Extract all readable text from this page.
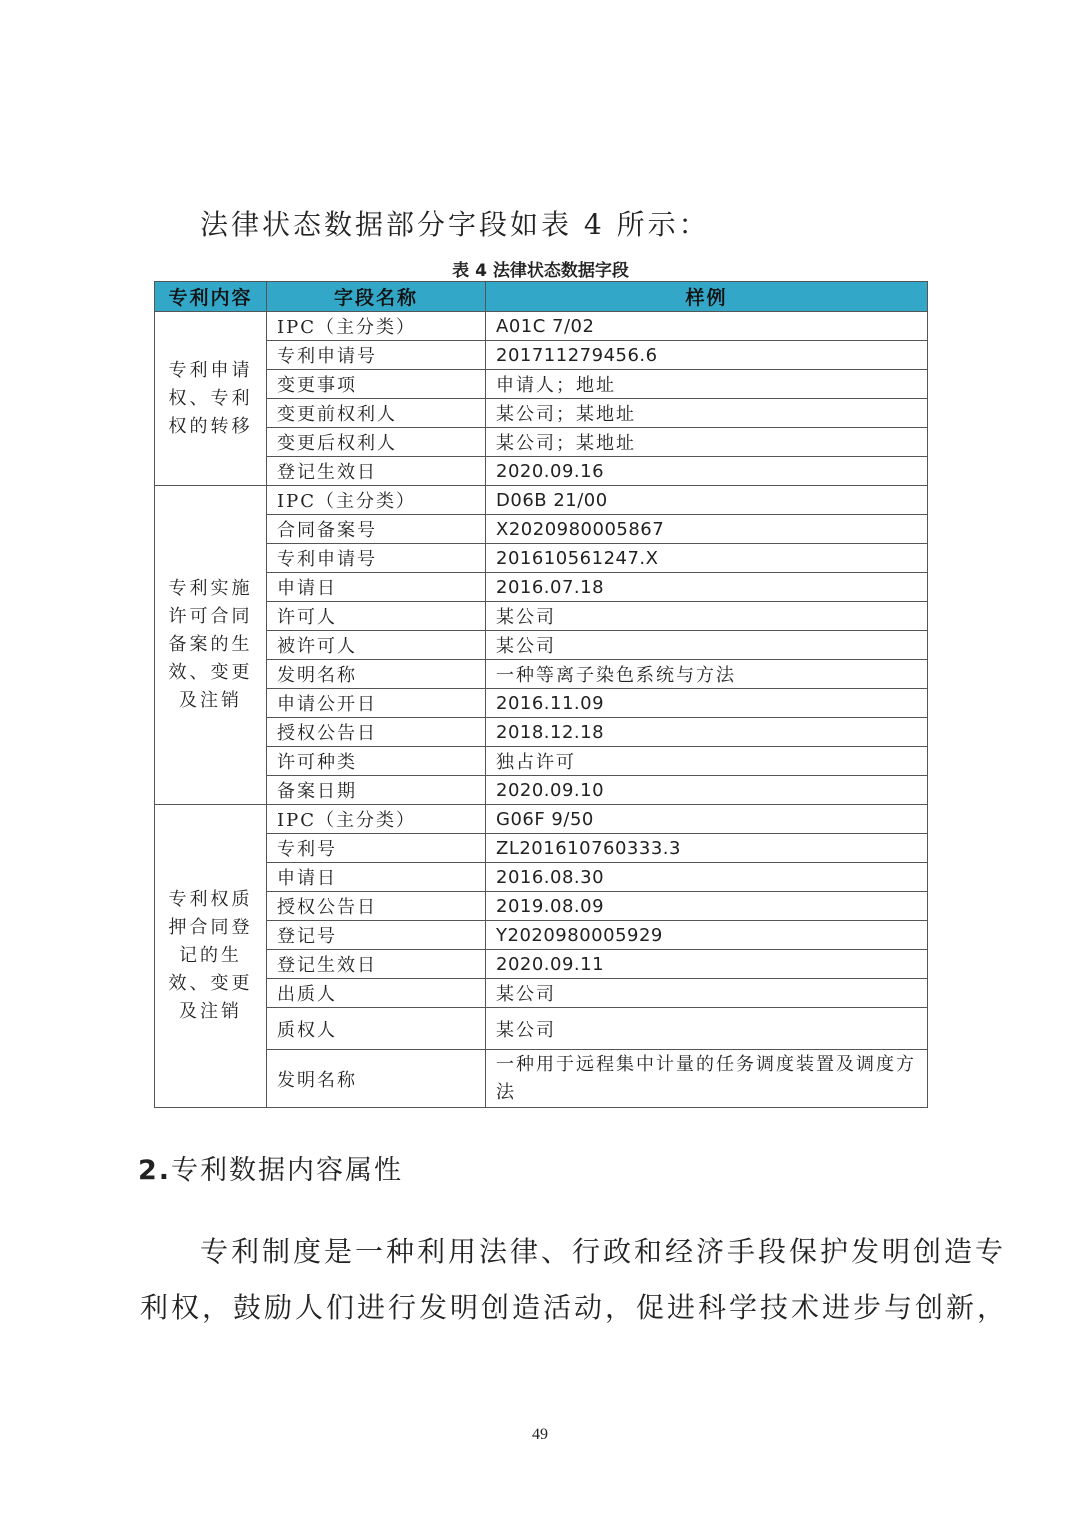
法律状态数据部分字段如表 4 所示：

表 4 法律状态数据字段

专利内容	字段名称	样例
专利申请权、专利权的转移	IPC（主分类）	A01C 7/02
	专利申请号	201711279456.6
	变更事项	申请人；地址
	变更前权利人	某公司；某地址
	变更后权利人	某公司；某地址
	登记生效日	2020.09.16
专利实施许可合同备案的生效、变更及注销	IPC（主分类）	D06B 21/00
	合同备案号	X2020980005867
	专利申请号	201610561247.X
	申请日	2016.07.18
	许可人	某公司
	被许可人	某公司
	发明名称	一种等离子染色系统与方法
	申请公开日	2016.11.09
	授权公告日	2018.12.18
	许可种类	独占许可
	备案日期	2020.09.10
专利权质押合同登记的生效、变更及注销	IPC（主分类）	G06F 9/50
	专利号	ZL201610760333.3
	申请日	2016.08.30
	授权公告日	2019.08.09
	登记号	Y2020980005929
	登记生效日	2020.09.11
	出质人	某公司
	质权人	某公司
	发明名称	一种用于远程集中计量的任务调度装置及调度方法

2.专利数据内容属性

专利制度是一种利用法律、行政和经济手段保护发明创造专

利权，鼓励人们进行发明创造活动，促进科学技术进步与创新，

49
